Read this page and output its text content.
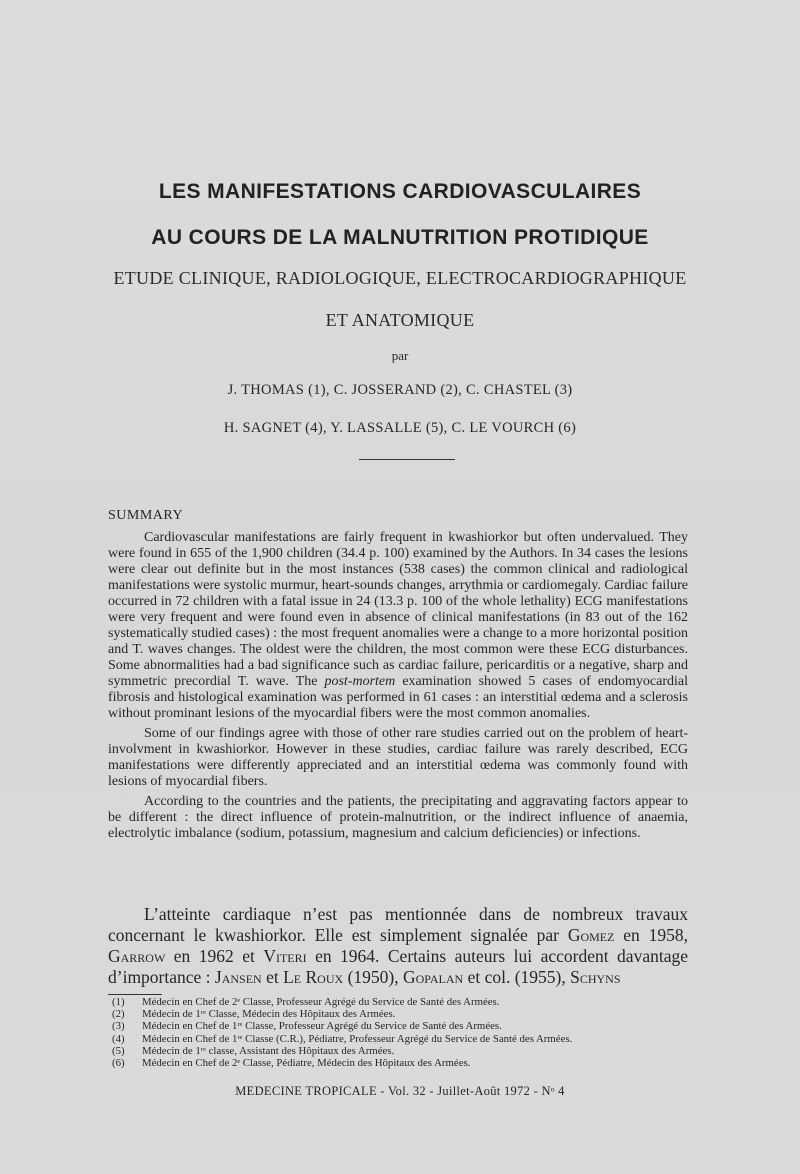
LES MANIFESTATIONS CARDIOVASCULAIRES
AU COURS DE LA MALNUTRITION PROTIDIQUE
ETUDE CLINIQUE, RADIOLOGIQUE, ELECTROCARDIOGRAPHIQUE
ET ANATOMIQUE
par
J. THOMAS (1), C. JOSSERAND (2), C. CHASTEL (3)
H. SAGNET (4), Y. LASSALLE (5), C. LE VOURCH (6)
SUMMARY

Cardiovascular manifestations are fairly frequent in kwashiorkor but often undervalued. They were found in 655 of the 1,900 children (34.4 p. 100) examined by the Authors. In 34 cases the lesions were clear out definite but in the most instances (538 cases) the common clinical and radiological manifestations were systolic murmur, heart-sounds changes, arrythmia or cardiomegaly. Cardiac failure occurred in 72 children with a fatal issue in 24 (13.3 p. 100 of the whole lethality) ECG manifestations were very frequent and were found even in absence of clinical manifestations (in 83 out of the 162 systematically studied cases) : the most frequent anomalies were a change to a more horizontal position and T. waves changes. The oldest were the children, the most common were these ECG disturbances. Some abnormalities had a bad significance such as cardiac failure, pericarditis or a negative, sharp and symmetric precordial T. wave. The post-mortem examination showed 5 cases of endomyocardial fibrosis and histological examination was performed in 61 cases : an interstitial œdema and a sclerosis without prominant lesions of the myocardial fibers were the most common anomalies.

Some of our findings agree with those of other rare studies carried out on the problem of heart-involvment in kwashiorkor. However in these studies, cardiac failure was rarely described, ECG manifestations were differently appreciated and an interstitial œdema was commonly found with lesions of myocardial fibers.

According to the countries and the patients, the precipitating and aggravating factors appear to be different : the direct influence of protein-malnutrition, or the indirect influence of anaemia, electrolytic imbalance (sodium, potassium, magnesium and calcium deficiencies) or infections.

L’atteinte cardiaque n’est pas mentionnée dans de nombreux travaux concernant le kwashiorkor. Elle est simplement signalée par Gomez en 1958, Garrow en 1962 et Viteri en 1964. Certains auteurs lui accordent davantage d’importance : Jansen et Le Roux (1950), Gopalan et col. (1955), Schyns
(1) Médecin en Chef de 2ᵉ Classe, Professeur Agrégé du Service de Santé des Armées.
(2) Médecin de 1ʳᵉ Classe, Médecin des Hôpitaux des Armées.
(3) Médecin en Chef de 1ʳᵉ Classe, Professeur Agrégé du Service de Santé des Armées.
(4) Médecin en Chef de 1ʳᵉ Classe (C.R.), Pédiatre, Professeur Agrégé du Service de Santé des Armées.
(5) Médecin de 1ʳᵉ classe, Assistant des Hôpitaux des Armées.
(6) Médecin en Chef de 2ᵉ Classe, Pédiatre, Médecin des Hôpitaux des Armées.
MEDECINE TROPICALE - Vol. 32 - Juillet-Août 1972 - Nᵒ 4
